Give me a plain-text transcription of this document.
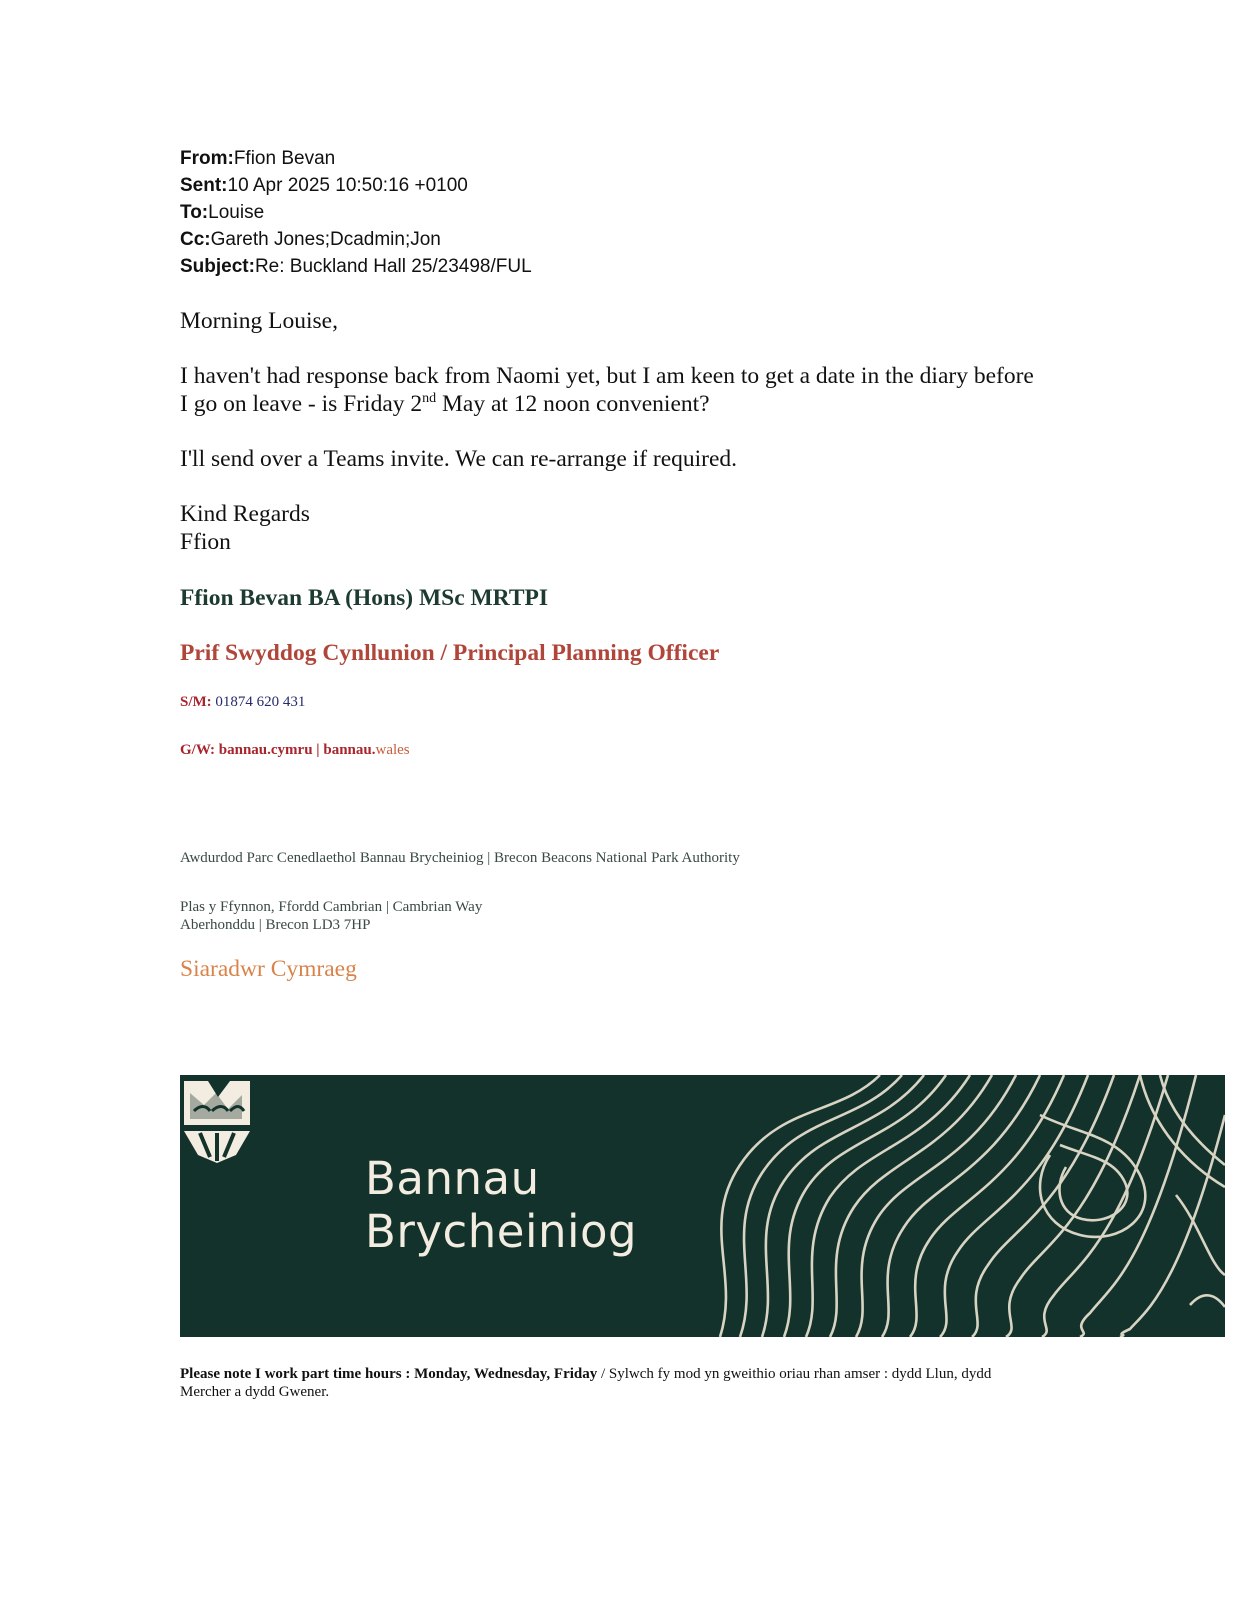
From:Ffion Bevan
Sent:10 Apr 2025 10:50:16 +0100
To:Louise
Cc:Gareth Jones;Dcadmin;Jon
Subject:Re: Buckland Hall 25/23498/FUL
Morning Louise,
I haven't had response back from Naomi yet, but I am keen to get a date in the diary before I go on leave - is Friday 2nd May at 12 noon convenient?
I'll send over a Teams invite. We can re-arrange if required.
Kind Regards
Ffion
Ffion Bevan BA (Hons) MSc MRTPI
Prif Swyddog Cynllunion / Principal Planning Officer
S/M: 01874 620 431
G/W: bannau.cymru | bannau.wales
Awdurdod Parc Cenedlaethol Bannau Brycheiniog | Brecon Beacons National Park Authority
Plas y Ffynnon, Ffordd Cambrian | Cambrian Way
Aberhonddu | Brecon LD3 7HP
Siaradwr Cymraeg
Bannau
Brycheiniog
Please note I work part time hours : Monday, Wednesday, Friday / Sylwch fy mod yn gweithio oriau rhan amser : dydd Llun, dydd Mercher a dydd Gwener.
